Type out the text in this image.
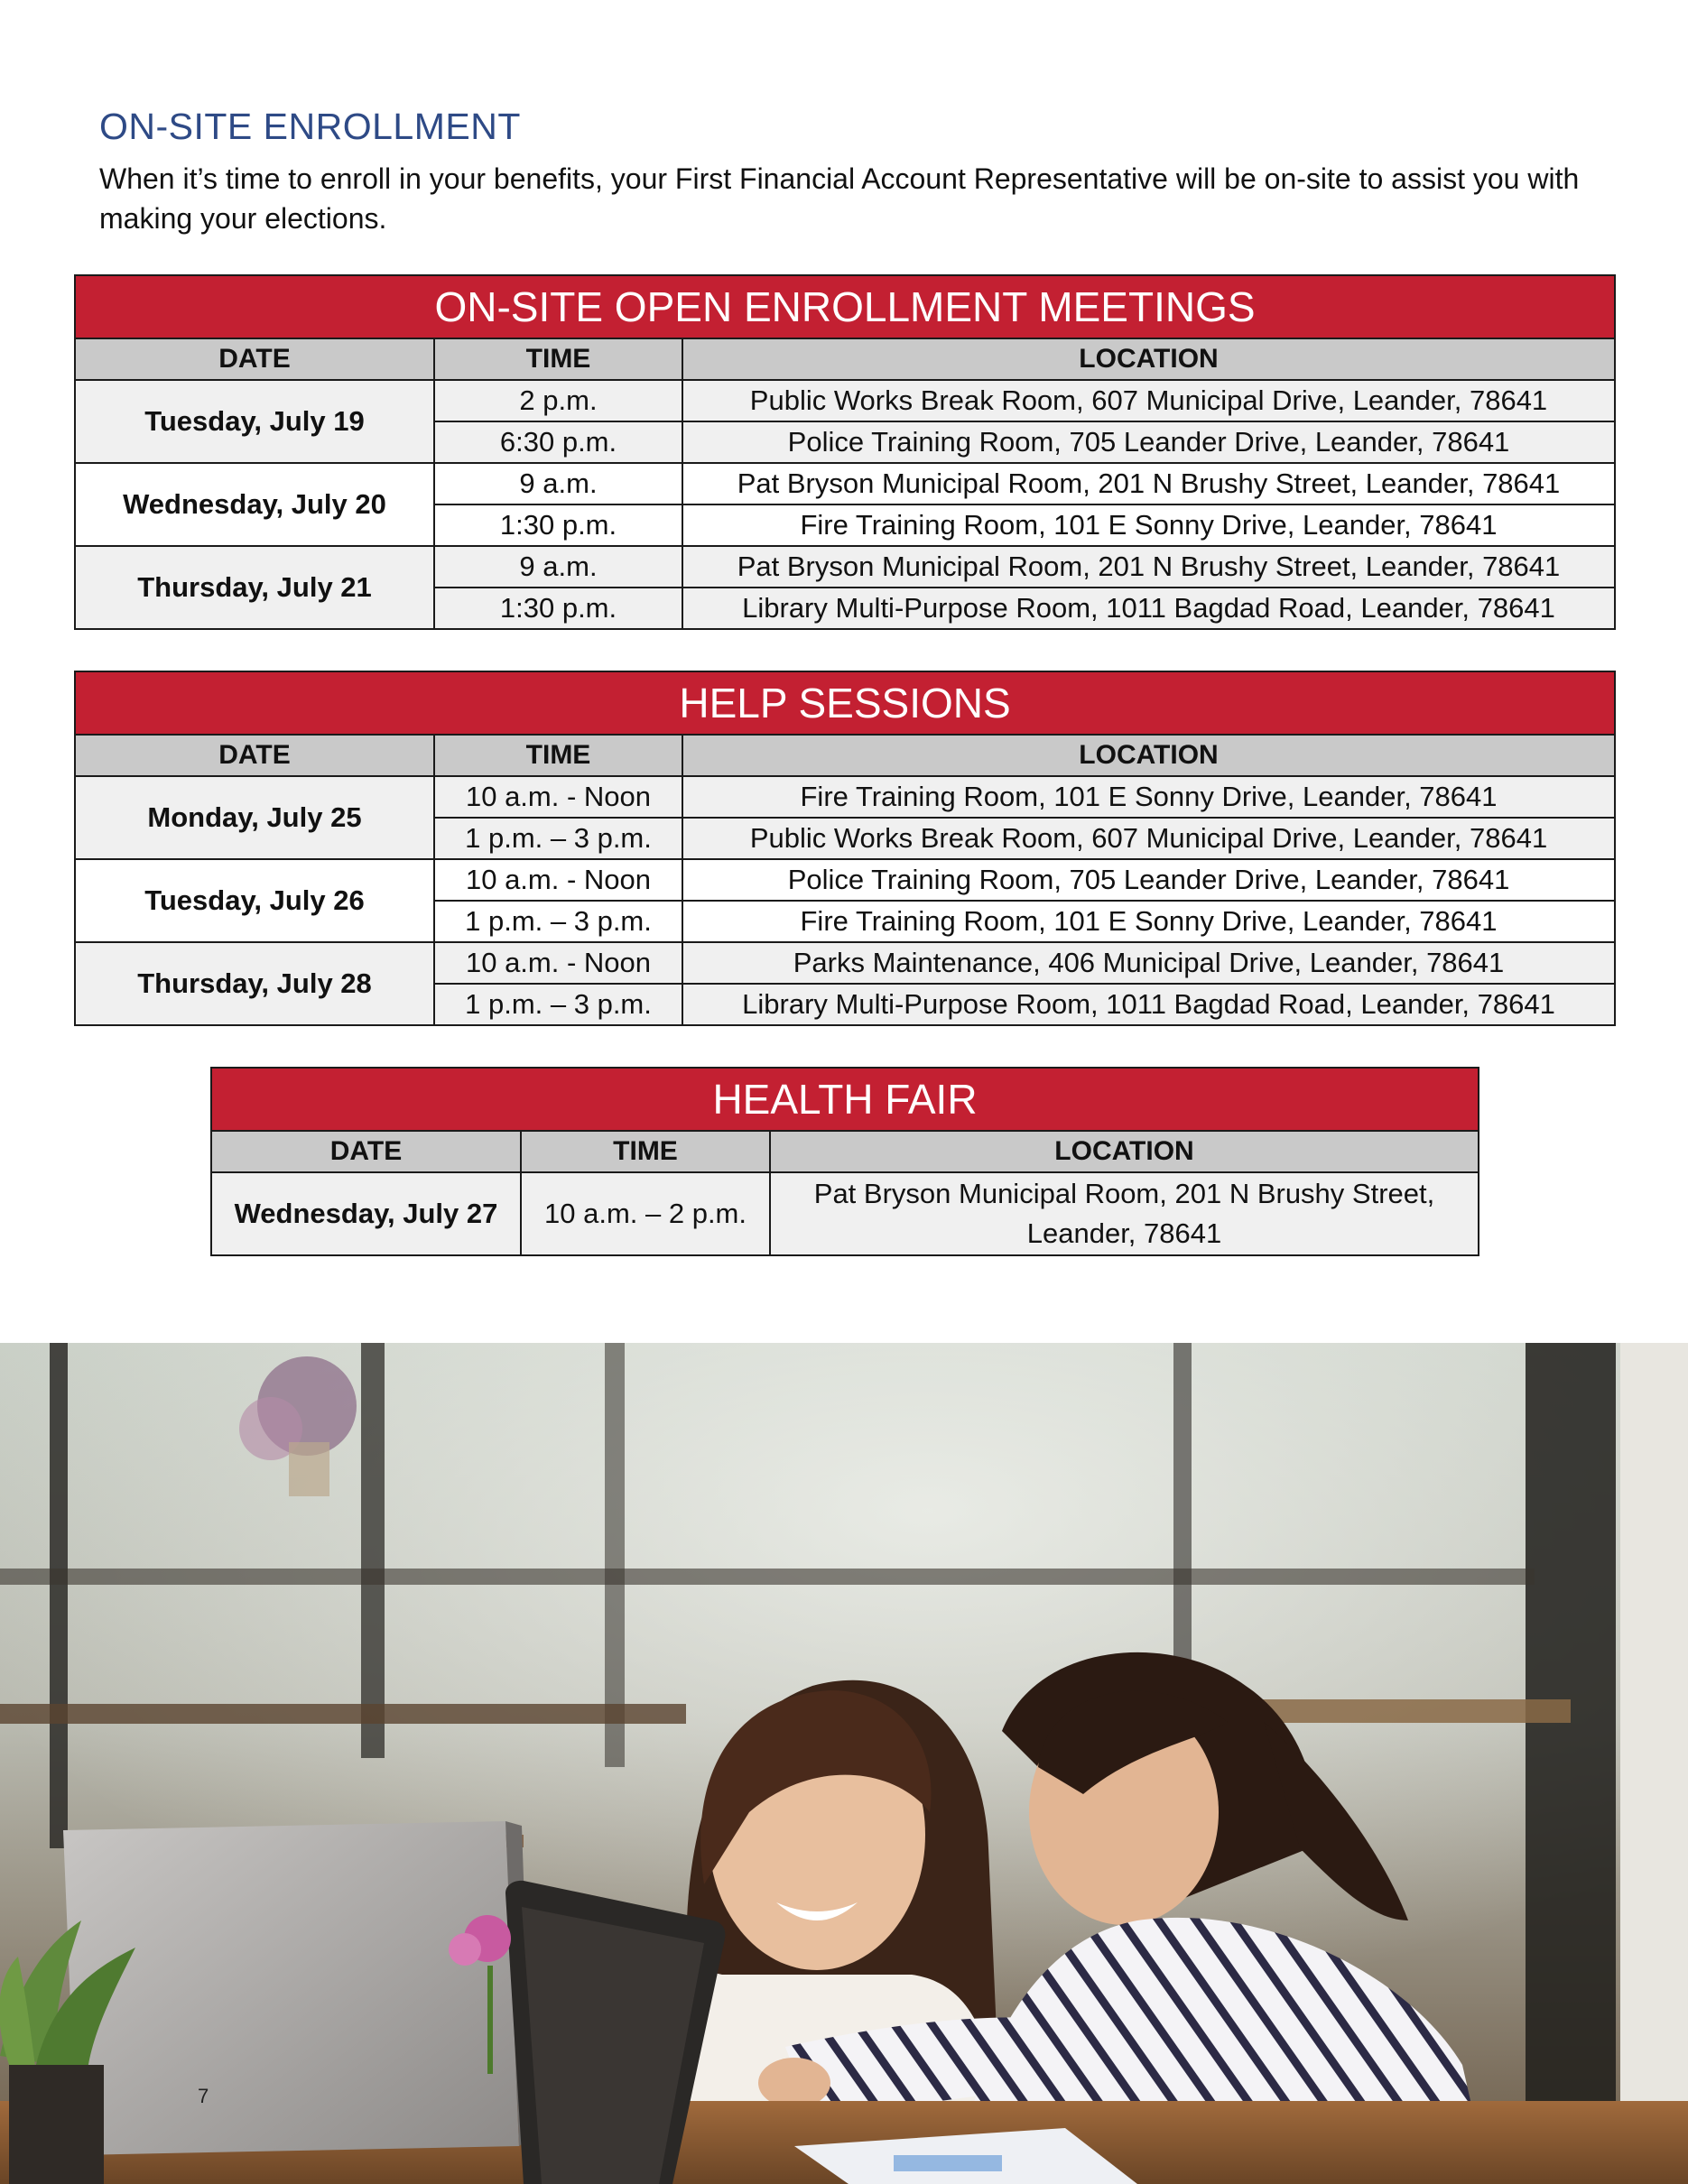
ON-SITE ENROLLMENT

When it’s time to enroll in your benefits, your First Financial Account Representative will be on-site to assist you with making your elections.

ON-SITE OPEN ENROLLMENT MEETINGS		
DATE	TIME	LOCATION
Tuesday, July 19	2 p.m.	Public Works Break Room, 607 Municipal Drive, Leander, 78641
	6:30 p.m.	Police Training Room, 705 Leander Drive, Leander, 78641
Wednesday, July 20	9 a.m.	Pat Bryson Municipal Room, 201 N Brushy Street, Leander, 78641
	1:30 p.m.	Fire Training Room, 101 E Sonny Drive, Leander, 78641
Thursday, July 21	9 a.m.	Pat Bryson Municipal Room, 201 N Brushy Street, Leander, 78641
	1:30 p.m.	Library Multi-Purpose Room, 1011 Bagdad Road, Leander, 78641
HELP SESSIONS		
DATE	TIME	LOCATION
Monday, July 25	10 a.m. - Noon	Fire Training Room, 101 E Sonny Drive, Leander, 78641
	1 p.m. – 3 p.m.	Public Works Break Room, 607 Municipal Drive, Leander, 78641
Tuesday, July 26	10 a.m. - Noon	Police Training Room, 705 Leander Drive, Leander, 78641
	1 p.m. – 3 p.m.	Fire Training Room, 101 E Sonny Drive, Leander, 78641
Thursday, July 28	10 a.m. - Noon	Parks Maintenance, 406 Municipal Drive, Leander, 78641
	1 p.m. – 3 p.m.	Library Multi-Purpose Room, 1011 Bagdad Road, Leander, 78641
HEALTH FAIR		
DATE	TIME	LOCATION
Wednesday, July 27	10 a.m. – 2 p.m.	Pat Bryson Municipal Room, 201 N Brushy Street,
Leander, 78641
7
